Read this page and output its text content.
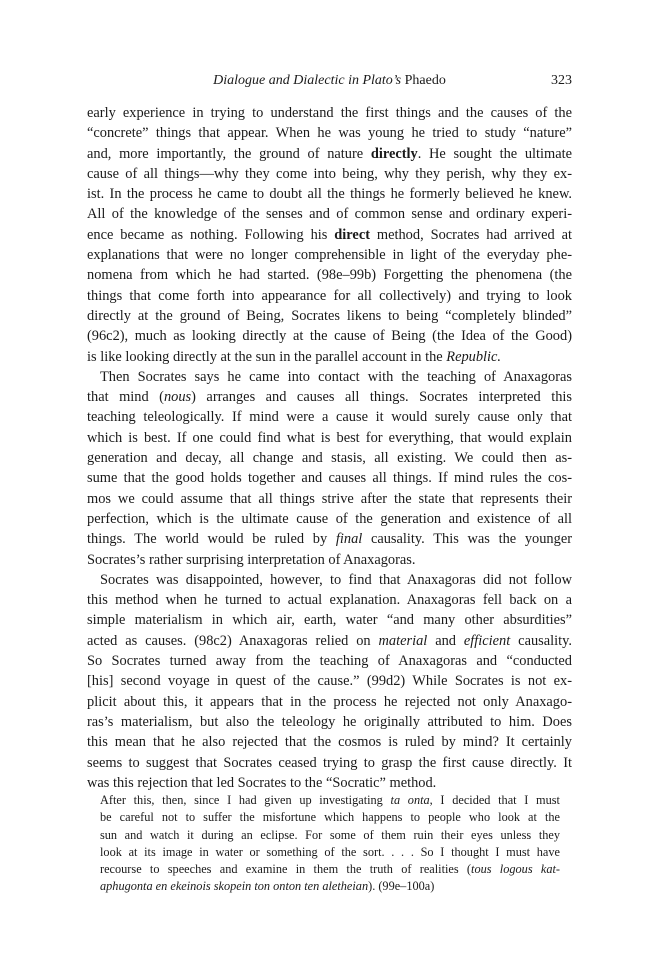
Dialogue and Dialectic in Plato’s Phaedo	323
early experience in trying to understand the first things and the causes of the
“concrete” things that appear. When he was young he tried to study “nature”
and, more importantly, the ground of nature directly. He sought the ultimate
cause of all things—why they come into being, why they perish, why they ex-
ist. In the process he came to doubt all the things he formerly believed he knew.
All of the knowledge of the senses and of common sense and ordinary experi-
ence became as nothing. Following his direct method, Socrates had arrived at
explanations that were no longer comprehensible in light of the everyday phe-
nomena from which he had started. (98e–99b) Forgetting the phenomena (the
things that come forth into appearance for all collectively) and trying to look
directly at the ground of Being, Socrates likens to being “completely blinded”
(96c2), much as looking directly at the cause of Being (the Idea of the Good)
is like looking directly at the sun in the parallel account in the Republic.
Then Socrates says he came into contact with the teaching of Anaxagoras
that mind (nous) arranges and causes all things. Socrates interpreted this
teaching teleologically. If mind were a cause it would surely cause only that
which is best. If one could find what is best for everything, that would explain
generation and decay, all change and stasis, all existing. We could then as-
sume that the good holds together and causes all things. If mind rules the cos-
mos we could assume that all things strive after the state that represents their
perfection, which is the ultimate cause of the generation and existence of all
things. The world would be ruled by final causality. This was the younger
Socrates’s rather surprising interpretation of Anaxagoras.
Socrates was disappointed, however, to find that Anaxagoras did not follow
this method when he turned to actual explanation. Anaxagoras fell back on a
simple materialism in which air, earth, water “and many other absurdities”
acted as causes. (98c2) Anaxagoras relied on material and efficient causality.
So Socrates turned away from the teaching of Anaxagoras and “conducted
[his] second voyage in quest of the cause.” (99d2) While Socrates is not ex-
plicit about this, it appears that in the process he rejected not only Anaxago-
ras’s materialism, but also the teleology he originally attributed to him. Does
this mean that he also rejected that the cosmos is ruled by mind? It certainly
seems to suggest that Socrates ceased trying to grasp the first cause directly. It
was this rejection that led Socrates to the “Socratic” method.
After this, then, since I had given up investigating ta onta, I decided that I must
be careful not to suffer the misfortune which happens to people who look at the
sun and watch it during an eclipse. For some of them ruin their eyes unless they
look at its image in water or something of the sort. . . . So I thought I must have
recourse to speeches and examine in them the truth of realities (tous logous kat-
aphugonta en ekeinois skopein ton onton ten aletheian). (99e–100a)
